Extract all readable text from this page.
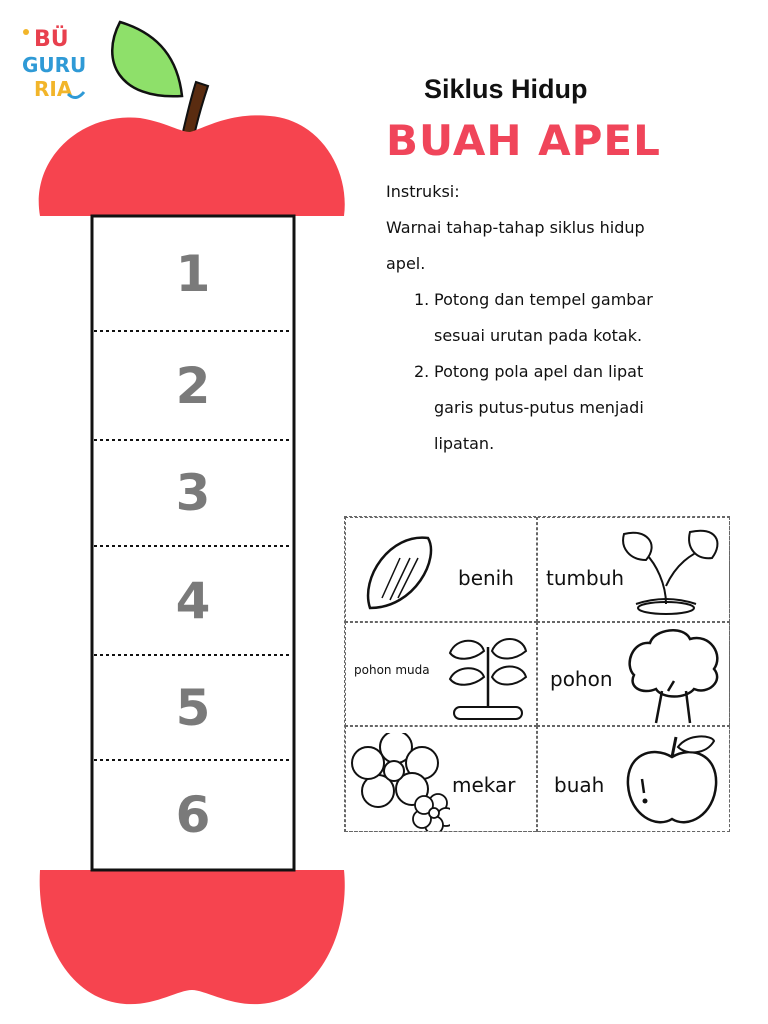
BÜ
GURU
RIA
1
2
3
4
5
6
Siklus Hidup
BUAH APEL

Instruksi:

Warnai tahap-tahap siklus hidup

apel.

1. Potong dan tempel gambar

sesuai urutan pada kotak.

2. Potong pola apel dan lipat

garis putus-putus menjadi

lipatan.

benih tumbuh
pohon muda	pohon
mekar buah
